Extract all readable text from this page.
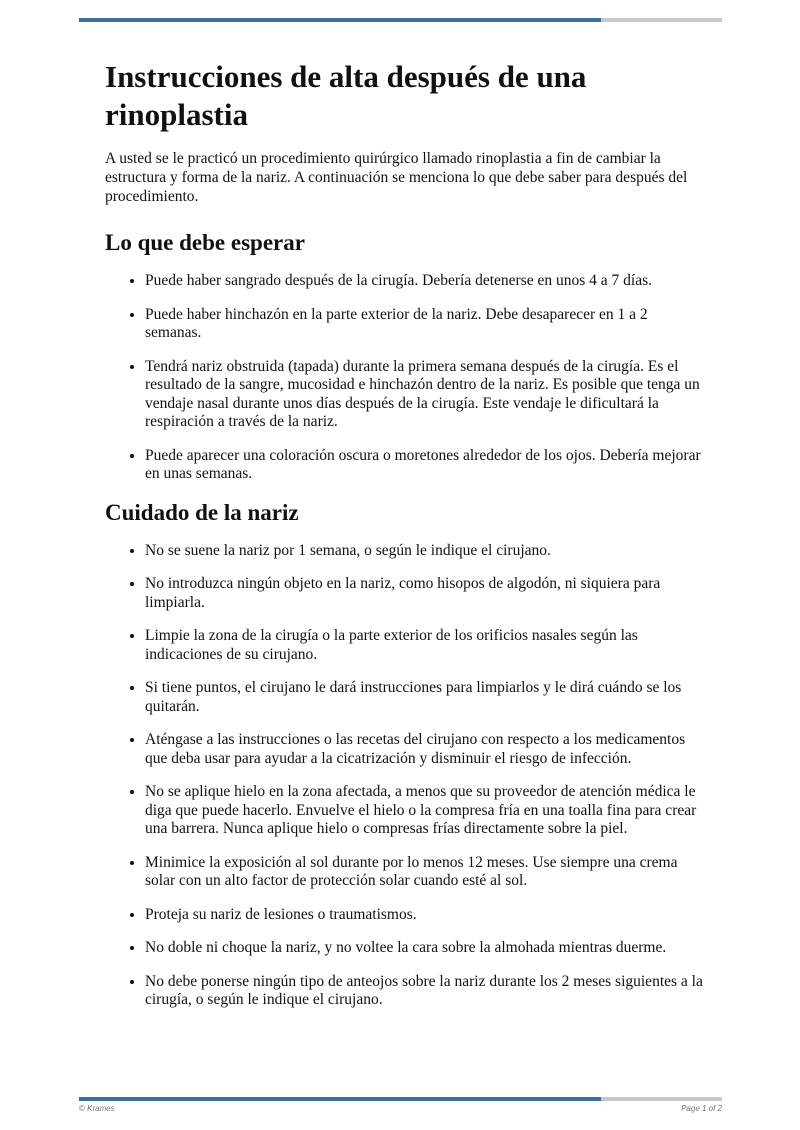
Instrucciones de alta después de una rinoplastia

A usted se le practicó un procedimiento quirúrgico llamado rinoplastia a fin de cambiar la estructura y forma de la nariz. A continuación se menciona lo que debe saber para después del procedimiento.

Lo que debe esperar
• Puede haber sangrado después de la cirugía. Debería detenerse en unos 4 a 7 días.
• Puede haber hinchazón en la parte exterior de la nariz. Debe desaparecer en 1 a 2 semanas.
• Tendrá nariz obstruida (tapada) durante la primera semana después de la cirugía. Es el resultado de la sangre, mucosidad e hinchazón dentro de la nariz. Es posible que tenga un vendaje nasal durante unos días después de la cirugía. Este vendaje le dificultará la respiración a través de la nariz.
• Puede aparecer una coloración oscura o moretones alrededor de los ojos. Debería mejorar en unas semanas.
Cuidado de la nariz
• No se suene la nariz por 1 semana, o según le indique el cirujano.
• No introduzca ningún objeto en la nariz, como hisopos de algodón, ni siquiera para limpiarla.
• Limpie la zona de la cirugía o la parte exterior de los orificios nasales según las indicaciones de su cirujano.
• Si tiene puntos, el cirujano le dará instrucciones para limpiarlos y le dirá cuándo se los quitarán.
• Aténgase a las instrucciones o las recetas del cirujano con respecto a los medicamentos que deba usar para ayudar a la cicatrización y disminuir el riesgo de infección.
• No se aplique hielo en la zona afectada, a menos que su proveedor de atención médica le diga que puede hacerlo. Envuelve el hielo o la compresa fría en una toalla fina para crear una barrera. Nunca aplique hielo o compresas frías directamente sobre la piel.
• Minimice la exposición al sol durante por lo menos 12 meses. Use siempre una crema solar con un alto factor de protección solar cuando esté al sol.
• Proteja su nariz de lesiones o traumatismos.
• No doble ni choque la nariz, y no voltee la cara sobre la almohada mientras duerme.
• No debe ponerse ningún tipo de anteojos sobre la nariz durante los 2 meses siguientes a la cirugía, o según le indique el cirujano.
© Krames	Page 1 of 2
